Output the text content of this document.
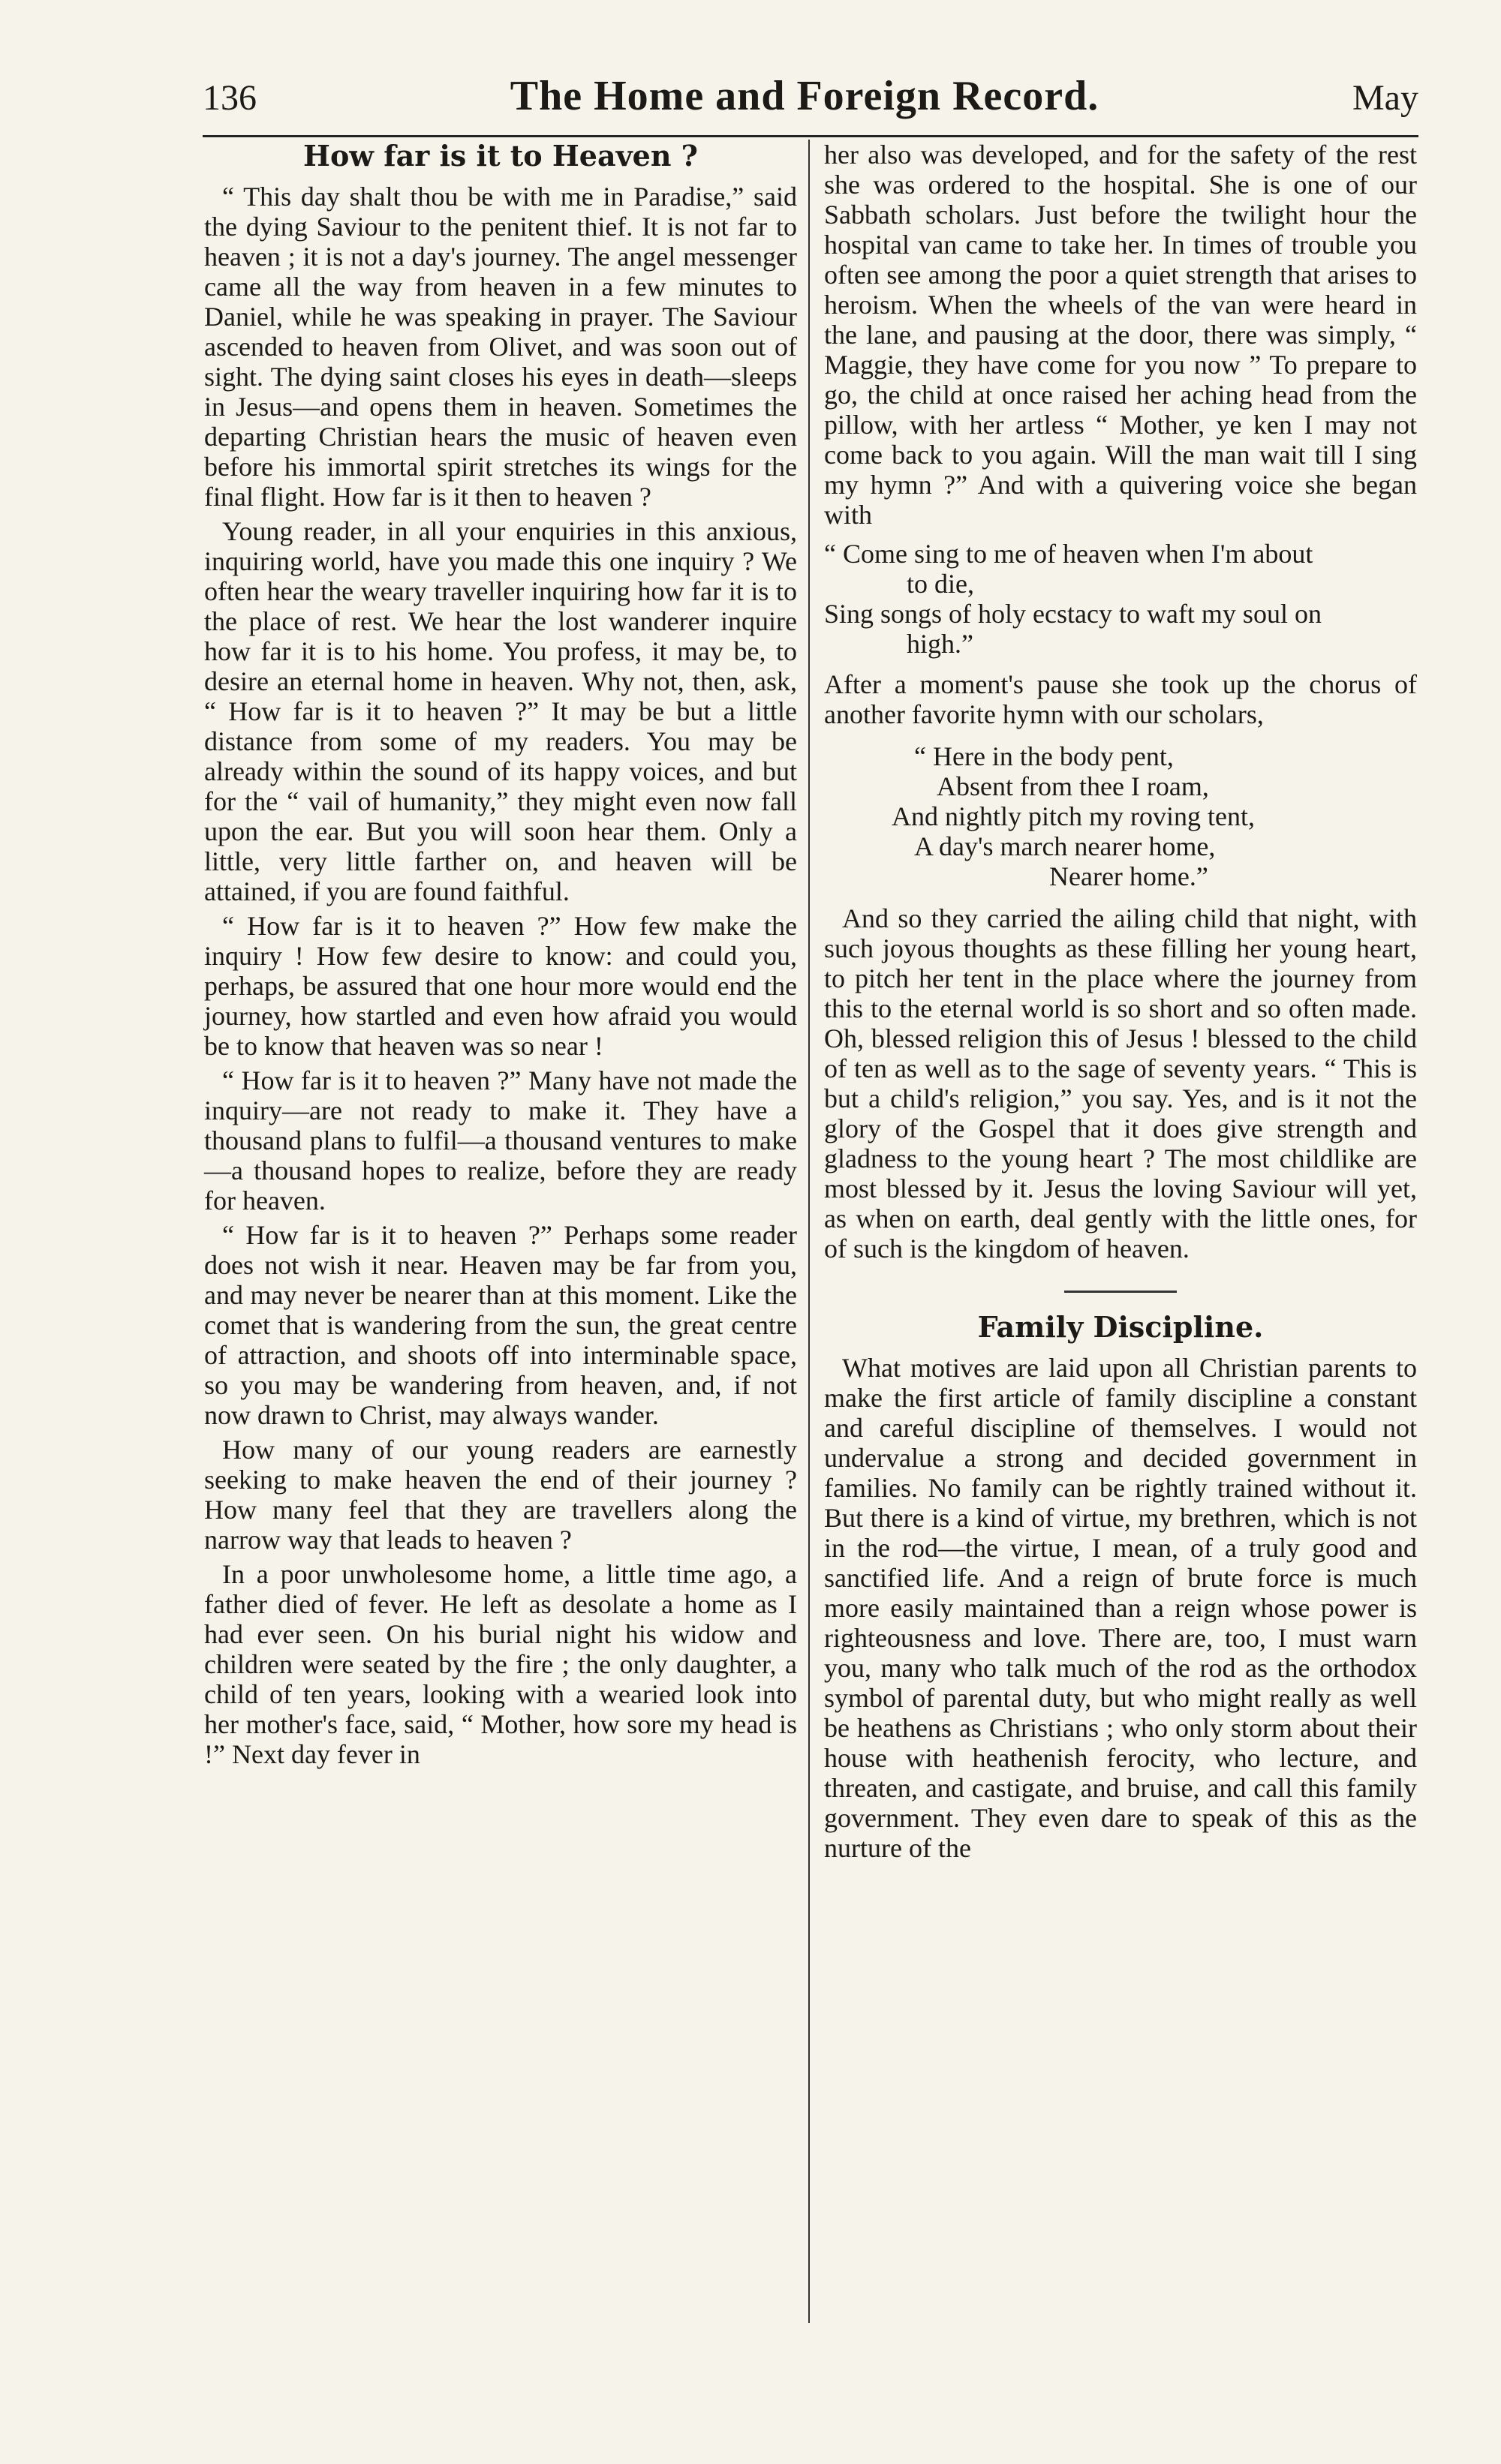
136	The Home and Foreign Record.	May
How far is it to Heaven ?

“ This day shalt thou be with me in Paradise,” said the dying Saviour to the penitent thief. It is not far to heaven ; it is not a day's journey. The angel messenger came all the way from heaven in a few minutes to Daniel, while he was speaking in prayer. The Saviour ascended to heaven from Olivet, and was soon out of sight. The dying saint closes his eyes in death—sleeps in Jesus—and opens them in heaven. Sometimes the departing Christian hears the music of heaven even before his immortal spirit stretches its wings for the final flight. How far is it then to heaven ?

Young reader, in all your enquiries in this anxious, inquiring world, have you made this one inquiry ? We often hear the weary traveller inquiring how far it is to the place of rest. We hear the lost wanderer inquire how far it is to his home. You profess, it may be, to desire an eternal home in heaven. Why not, then, ask, “ How far is it to heaven ?” It may be but a little distance from some of my readers. You may be already within the sound of its happy voices, and but for the “ vail of humanity,” they might even now fall upon the ear. But you will soon hear them. Only a little, very little farther on, and heaven will be attained, if you are found faithful.

“ How far is it to heaven ?” How few make the inquiry ! How few desire to know: and could you, perhaps, be assured that one hour more would end the journey, how startled and even how afraid you would be to know that heaven was so near !

“ How far is it to heaven ?” Many have not made the inquiry—are not ready to make it. They have a thousand plans to fulfil—a thousand ventures to make—a thousand hopes to realize, before they are ready for heaven.

“ How far is it to heaven ?” Perhaps some reader does not wish it near. Heaven may be far from you, and may never be nearer than at this moment. Like the comet that is wandering from the sun, the great centre of attraction, and shoots off into interminable space, so you may be wandering from heaven, and, if not now drawn to Christ, may always wander.

How many of our young readers are earnestly seeking to make heaven the end of their journey ? How many feel that they are travellers along the narrow way that leads to heaven ?

In a poor unwholesome home, a little time ago, a father died of fever. He left as desolate a home as I had ever seen. On his burial night his widow and children were seated by the fire ; the only daughter, a child of ten years, looking with a wearied look into her mother's face, said, “ Mother, how sore my head is !” Next day fever in

her also was developed, and for the safety of the rest she was ordered to the hospital. She is one of our Sabbath scholars. Just before the twilight hour the hospital van came to take her. In times of trouble you often see among the poor a quiet strength that arises to heroism. When the wheels of the van were heard in the lane, and pausing at the door, there was simply, “ Maggie, they have come for you now ” To prepare to go, the child at once raised her aching head from the pillow, with her artless “ Mother, ye ken I may not come back to you again. Will the man wait till I sing my hymn ?” And with a quivering voice she began with

“ Come sing to me of heaven when I'm about
to die,
Sing songs of holy ecstacy to waft my soul on
high.”

After a moment's pause she took up the chorus of another favorite hymn with our scholars,

“ Here in the body pent,
Absent from thee I roam,
And nightly pitch my roving tent,
A day's march nearer home,
Nearer home.”

And so they carried the ailing child that night, with such joyous thoughts as these filling her young heart, to pitch her tent in the place where the journey from this to the eternal world is so short and so often made. Oh, blessed religion this of Jesus ! blessed to the child of ten as well as to the sage of seventy years. “ This is but a child's religion,” you say. Yes, and is it not the glory of the Gospel that it does give strength and gladness to the young heart ? The most childlike are most blessed by it. Jesus the loving Saviour will yet, as when on earth, deal gently with the little ones, for of such is the kingdom of heaven.

Family Discipline.

What motives are laid upon all Christian parents to make the first article of family discipline a constant and careful discipline of themselves. I would not undervalue a strong and decided government in families. No family can be rightly trained without it. But there is a kind of virtue, my brethren, which is not in the rod—the virtue, I mean, of a truly good and sanctified life. And a reign of brute force is much more easily maintained than a reign whose power is righteousness and love. There are, too, I must warn you, many who talk much of the rod as the orthodox symbol of parental duty, but who might really as well be heathens as Christians ; who only storm about their house with heathenish ferocity, who lecture, and threaten, and castigate, and bruise, and call this family government. They even dare to speak of this as the nurture of the
